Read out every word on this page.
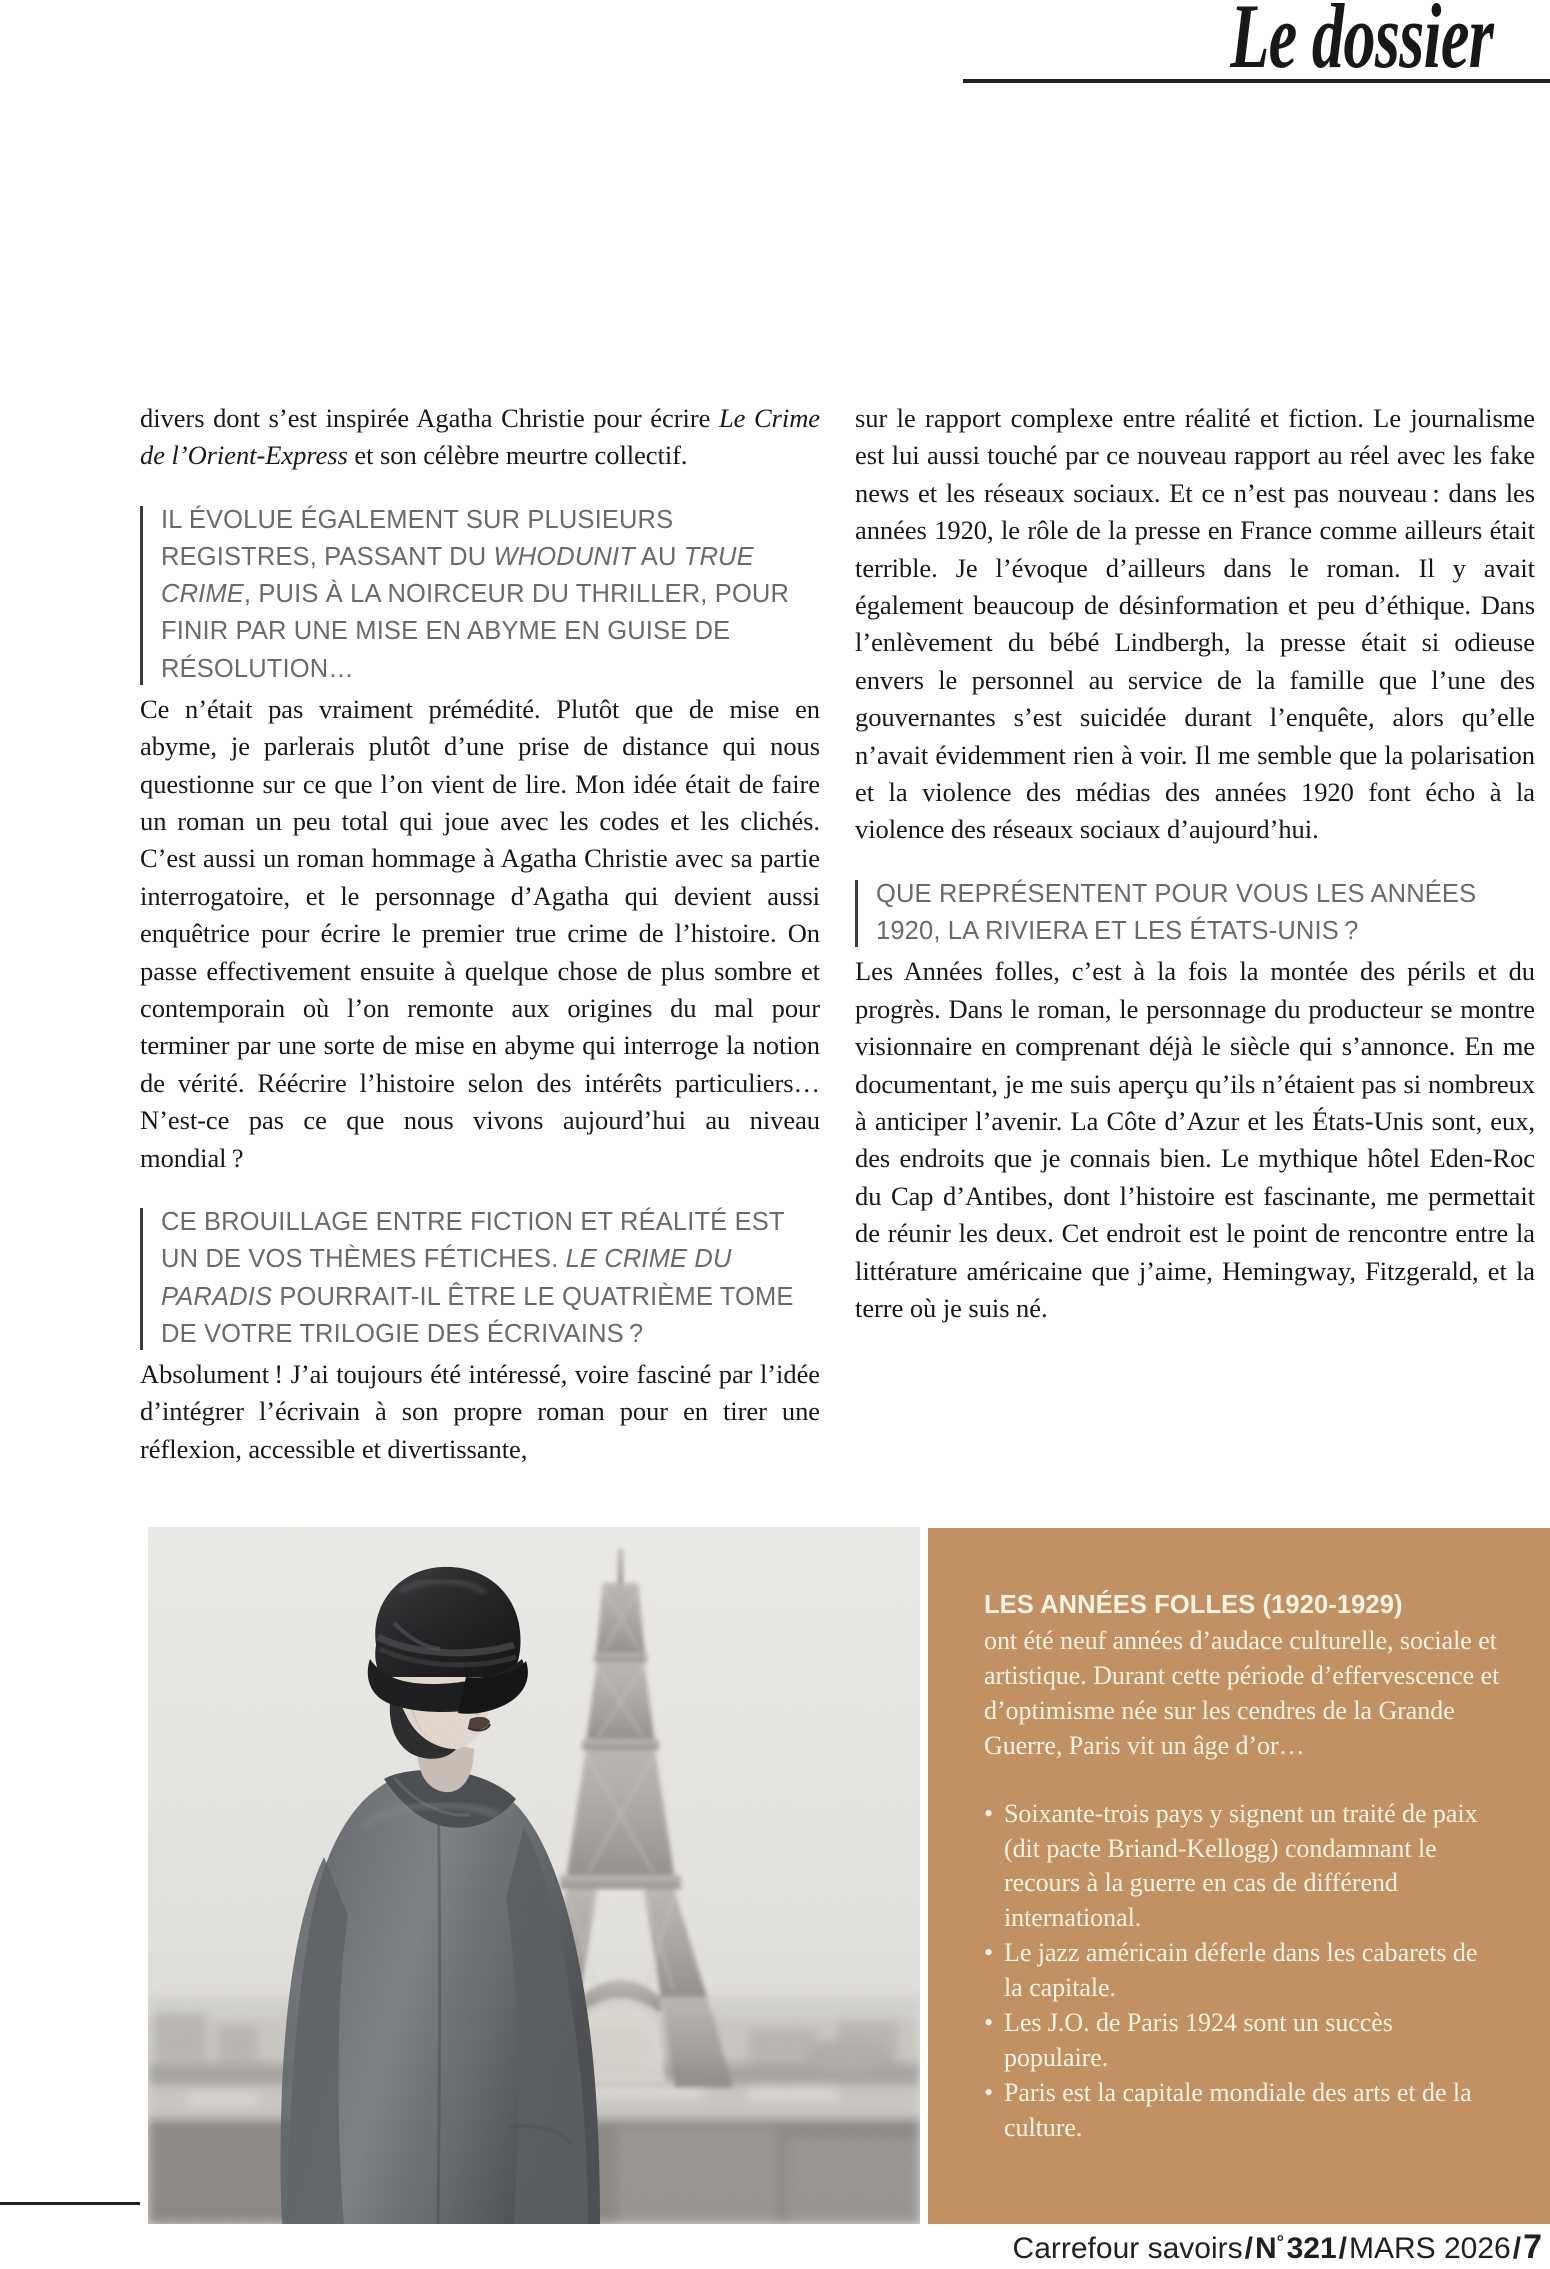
Le dossier

divers dont s’est inspirée Agatha Christie pour écrire Le Crime de l’Orient-Express et son célèbre meurtre collectif.

IL ÉVOLUE ÉGALEMENT SUR PLUSIEURS REGISTRES, PASSANT DU WHODUNIT AU TRUE CRIME, PUIS À LA NOIRCEUR DU THRILLER, POUR FINIR PAR UNE MISE EN ABYME EN GUISE DE RÉSOLUTION…

Ce n’était pas vraiment prémédité. Plutôt que de mise en abyme, je parlerais plutôt d’une prise de distance qui nous questionne sur ce que l’on vient de lire. Mon idée était de faire un roman un peu total qui joue avec les codes et les clichés. C’est aussi un roman hommage à Agatha Christie avec sa partie interrogatoire, et le personnage d’Agatha qui devient aussi enquêtrice pour écrire le premier true crime de l’histoire. On passe effectivement ensuite à quelque chose de plus sombre et contemporain où l’on remonte aux origines du mal pour terminer par une sorte de mise en abyme qui interroge la notion de vérité. Réécrire l’histoire selon des intérêts particuliers… N’est-ce pas ce que nous vivons aujourd’hui au niveau mondial ?

CE BROUILLAGE ENTRE FICTION ET RÉALITÉ EST UN DE VOS THÈMES FÉTICHES. LE CRIME DU PARADIS POURRAIT-IL ÊTRE LE QUATRIÈME TOME DE VOTRE TRILOGIE DES ÉCRIVAINS ?

Absolument ! J’ai toujours été intéressé, voire fasciné par l’idée d’intégrer l’écrivain à son propre roman pour en tirer une réflexion, accessible et divertissante,

sur le rapport complexe entre réalité et fiction. Le journalisme est lui aussi touché par ce nouveau rapport au réel avec les fake news et les réseaux sociaux. Et ce n’est pas nouveau : dans les années 1920, le rôle de la presse en France comme ailleurs était terrible. Je l’évoque d’ailleurs dans le roman. Il y avait également beaucoup de désinformation et peu d’éthique. Dans l’enlèvement du bébé Lindbergh, la presse était si odieuse envers le personnel au service de la famille que l’une des gouvernantes s’est suicidée durant l’enquête, alors qu’elle n’avait évidemment rien à voir. Il me semble que la polarisation et la violence des médias des années 1920 font écho à la violence des réseaux sociaux d’aujourd’hui.

QUE REPRÉSENTENT POUR VOUS LES ANNÉES 1920, LA RIVIERA ET LES ÉTATS-UNIS ?

Les Années folles, c’est à la fois la montée des périls et du progrès. Dans le roman, le personnage du producteur se montre visionnaire en comprenant déjà le siècle qui s’annonce. En me documentant, je me suis aperçu qu’ils n’étaient pas si nombreux à anticiper l’avenir. La Côte d’Azur et les États-Unis sont, eux, des endroits que je connais bien. Le mythique hôtel Eden-Roc du Cap d’Antibes, dont l’histoire est fascinante, me permettait de réunir les deux. Cet endroit est le point de rencontre entre la littérature américaine que j’aime, Hemingway, Fitzgerald, et la terre où je suis né.

LES ANNÉES FOLLES (1920-1929)
ont été neuf années d’audace culturelle, sociale et artistique. Durant cette période d’effervescence et d’optimisme née sur les cendres de la Grande Guerre, Paris vit un âge d’or…
• Soixante-trois pays y signent un traité de paix (dit pacte Briand-Kellogg) condamnant le recours à la guerre en cas de différend international.
• Le jazz américain déferle dans les cabarets de la capitale.
• Les J.O. de Paris 1924 sont un succès populaire.
• Paris est la capitale mondiale des arts et de la culture.
Carrefour savoirs/N° 321/MARS 2026/7
